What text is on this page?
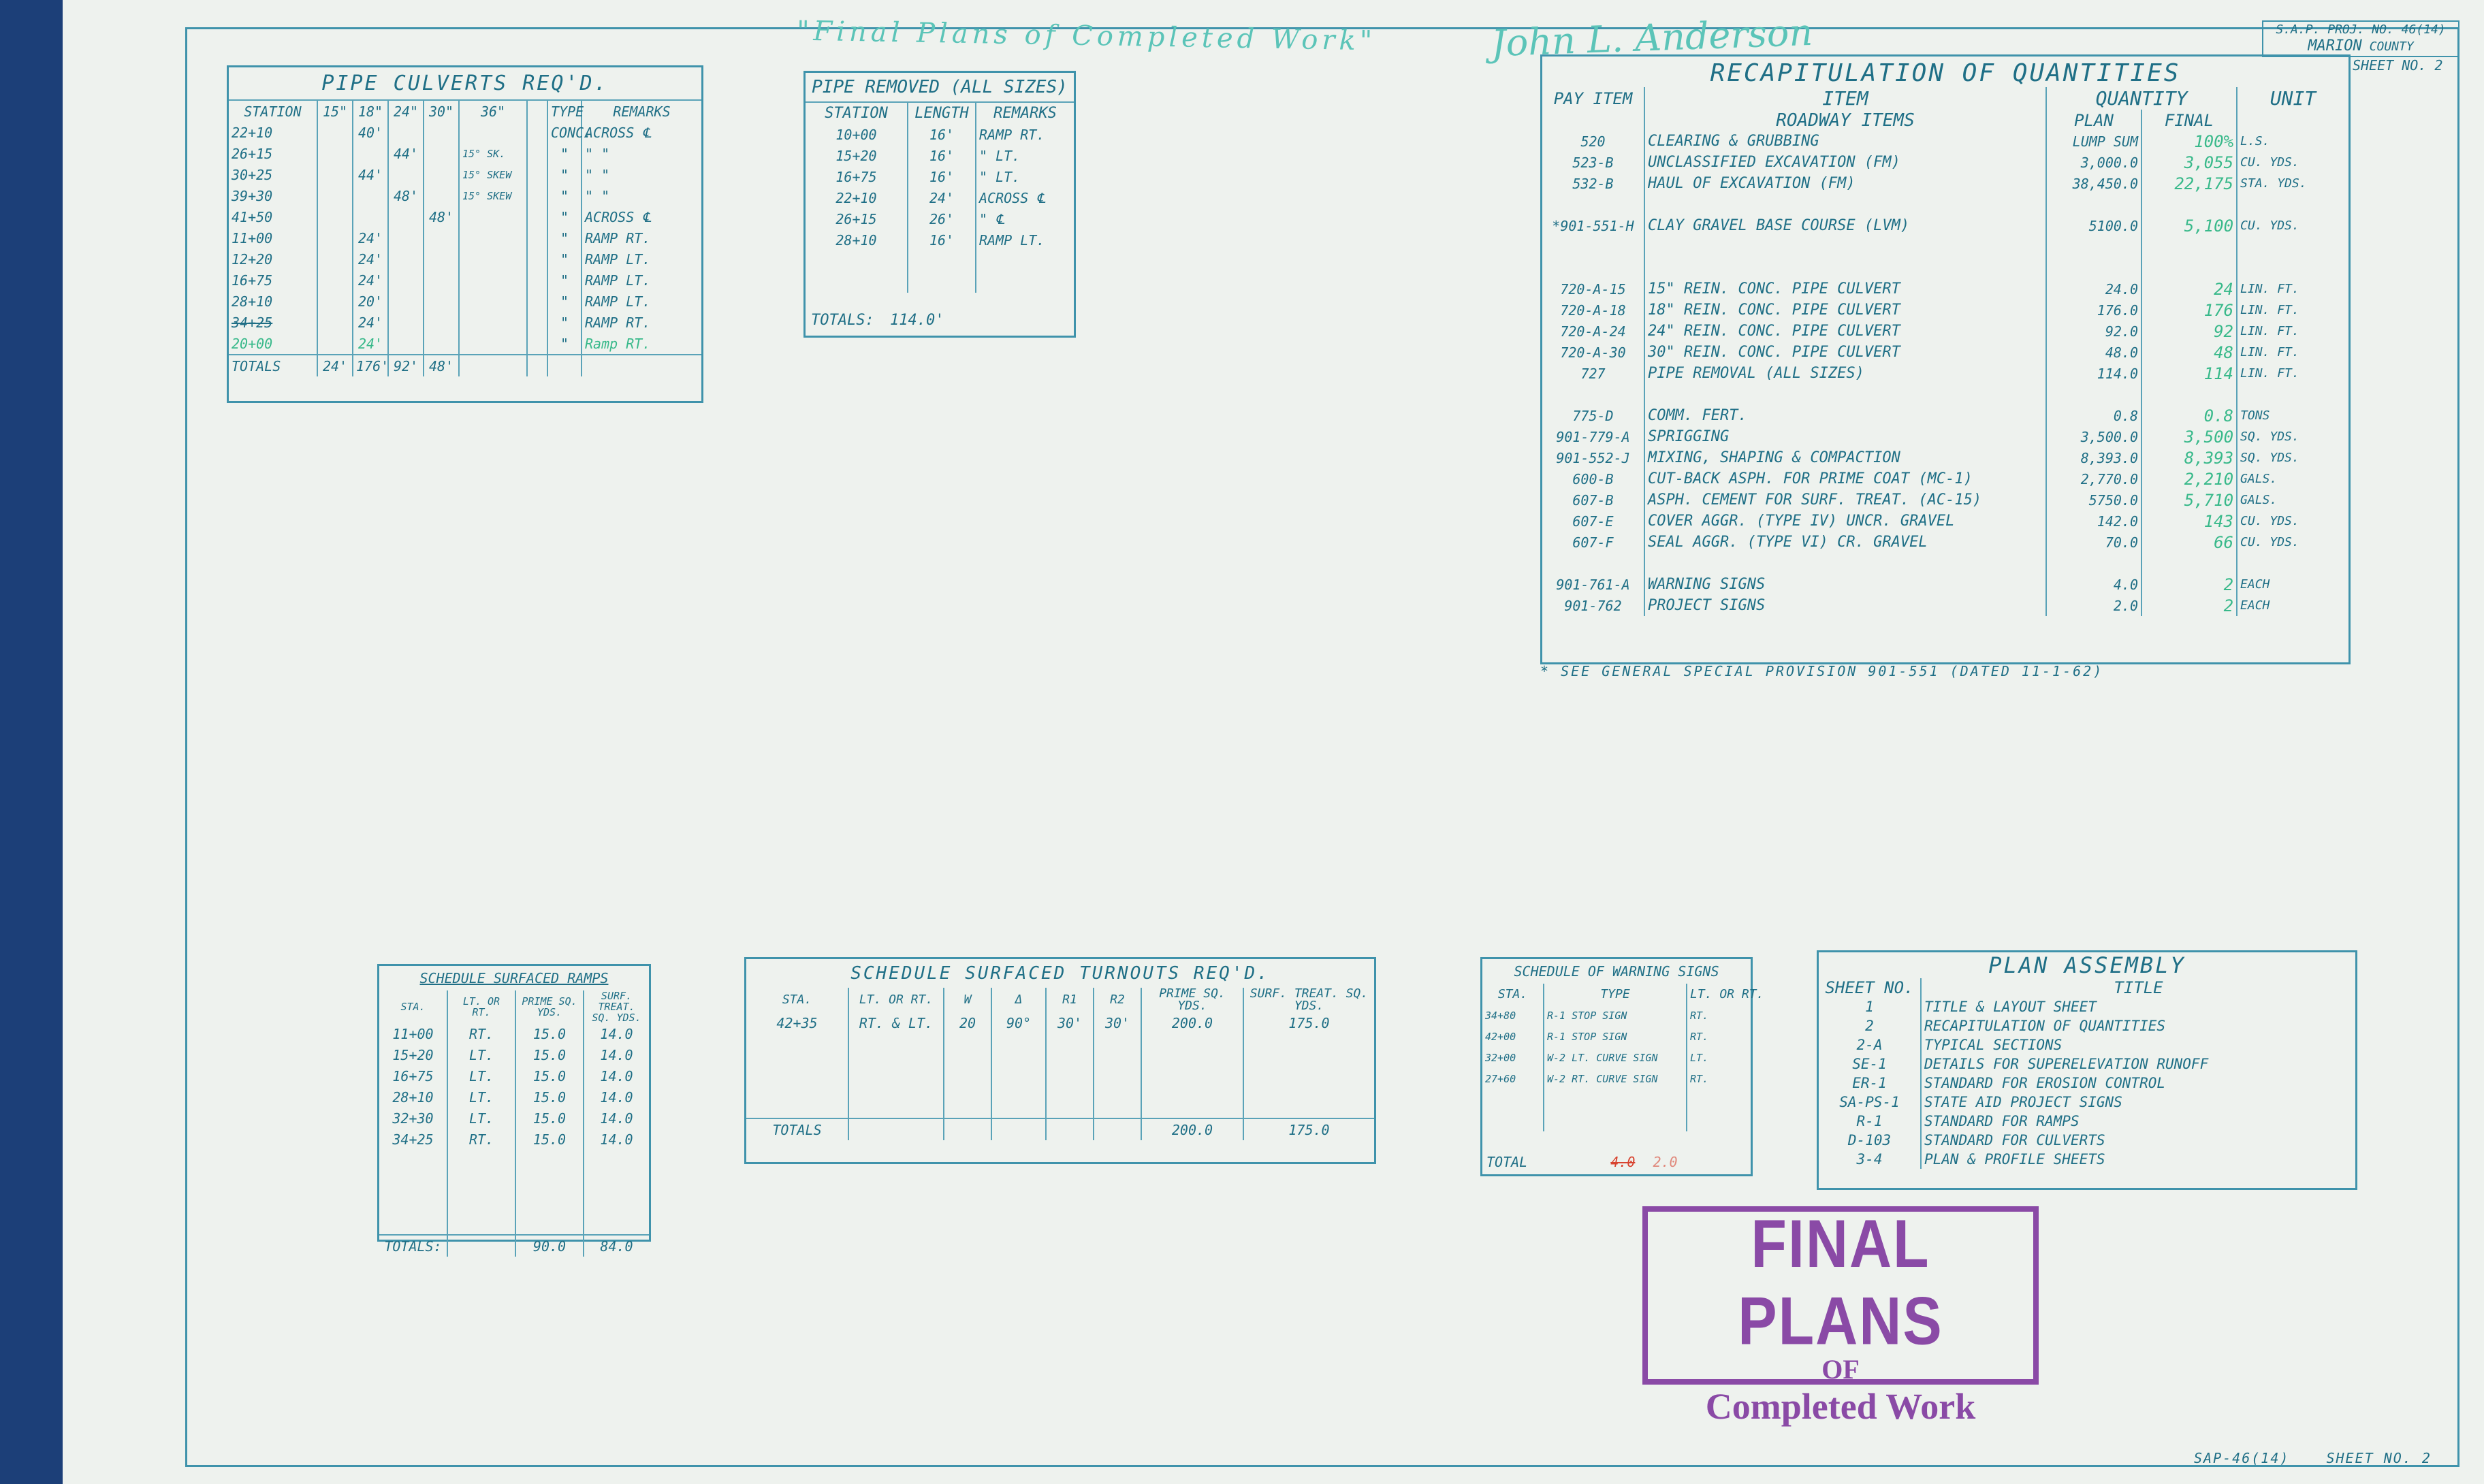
"Final Plans of Completed Work"	John L. Anderson	S.A.P. PROJ. NO. 46(14)
MARION COUNTY
SHEET NO. 2
PIPE CULVERTS REQ'D.
STATION	15"	18"	24"	30"	36"		TYPE	REMARKS
22+10		40'					CONC.	ACROSS ℄
26+15			44'		15° SK.		"	" "
30+25		44'			15° SKEW		"	" "
39+30			48'		15° SKEW		"	" "
41+50				48'			"	ACROSS ℄
11+00		24'					"	RAMP RT.
12+20		24'					"	RAMP LT.
16+75		24'					"	RAMP LT.
28+10		20'					"	RAMP LT.
34+25		24'					"	RAMP RT.
20+00		24'					"	Ramp RT.
TOTALS	24'	176'	92'	48'				
PIPE REMOVED (ALL SIZES)
STATION	LENGTH	REMARKS
10+00	16'	RAMP RT.
15+20	16'	" LT.
16+75	16'	" LT.
22+10	24'	ACROSS ℄
26+15	26'	" ℄
28+10	16'	RAMP LT.

TOTALS: 114.0'
RECAPITULATION OF QUANTITIES
PAY ITEM	ITEM	QUANTITY		UNIT
	ROADWAY ITEMS	PLAN	FINAL	
520	CLEARING & GRUBBING	LUMP SUM	100%	L.S.
523-B	UNCLASSIFIED EXCAVATION (FM)	3,000.0	3,055	CU. YDS.
532-B	HAUL OF EXCAVATION (FM)	38,450.0	22,175	STA. YDS.

*901-551-H	CLAY GRAVEL BASE COURSE (LVM)	5100.0	5,100	CU. YDS.

720-A-15	15" REIN. CONC. PIPE CULVERT	24.0	24	LIN. FT.
720-A-18	18" REIN. CONC. PIPE CULVERT	176.0	176	LIN. FT.
720-A-24	24" REIN. CONC. PIPE CULVERT	92.0	92	LIN. FT.
720-A-30	30" REIN. CONC. PIPE CULVERT	48.0	48	LIN. FT.
727	PIPE REMOVAL (ALL SIZES)	114.0	114	LIN. FT.

775-D	COMM. FERT.	0.8	0.8	TONS
901-779-A	SPRIGGING	3,500.0	3,500	SQ. YDS.
901-552-J	MIXING, SHAPING & COMPACTION	8,393.0	8,393	SQ. YDS.
600-B	CUT-BACK ASPH. FOR PRIME COAT (MC-1)	2,770.0	2,210	GALS.
607-B	ASPH. CEMENT FOR SURF. TREAT. (AC-15)	5750.0	5,710	GALS.
607-E	COVER AGGR. (TYPE IV) UNCR. GRAVEL	142.0	143	CU. YDS.
607-F	SEAL AGGR. (TYPE VI) CR. GRAVEL	70.0	66	CU. YDS.

901-761-A	WARNING SIGNS	4.0	2	EACH
901-762	PROJECT SIGNS	2.0	2	EACH
* SEE GENERAL SPECIAL PROVISION 901-551 (DATED 11-1-62)
SCHEDULE SURFACED RAMPS
STA.	LT. OR RT.	PRIME SQ. YDS.	SURF. TREAT. SQ. YDS.
11+00	RT.	15.0	14.0
15+20	LT.	15.0	14.0
16+75	LT.	15.0	14.0
28+10	LT.	15.0	14.0
32+30	LT.	15.0	14.0
34+25	RT.	15.0	14.0

TOTALS:		90.0	84.0
SCHEDULE SURFACED TURNOUTS REQ'D.
STA.	LT. OR RT.	W	Δ	R1	R2	PRIME SQ. YDS.	SURF. TREAT. SQ. YDS.
42+35	RT. & LT.	20	90°	30'	30'	200.0	175.0

TOTALS						200.0	175.0
SCHEDULE OF WARNING SIGNS
STA.	TYPE	LT. OR RT.
34+80	R-1 STOP SIGN	RT.
42+00	R-1 STOP SIGN	RT.
32+00	W-2 LT. CURVE SIGN	LT.
27+60	W-2 RT. CURVE SIGN	RT.

TOTAL	4.0 2.0
PLAN ASSEMBLY
SHEET NO.	TITLE
1	TITLE & LAYOUT SHEET
2	RECAPITULATION OF QUANTITIES
2-A	TYPICAL SECTIONS
SE-1	DETAILS FOR SUPERELEVATION RUNOFF
ER-1	STANDARD FOR EROSION CONTROL
SA-PS-1	STATE AID PROJECT SIGNS
R-1	STANDARD FOR RAMPS
D-103	STANDARD FOR CULVERTS
3-4	PLAN & PROFILE SHEETS
FINAL PLANS
OF
Completed Work
SAP-46(14)	SHEET NO. 2
